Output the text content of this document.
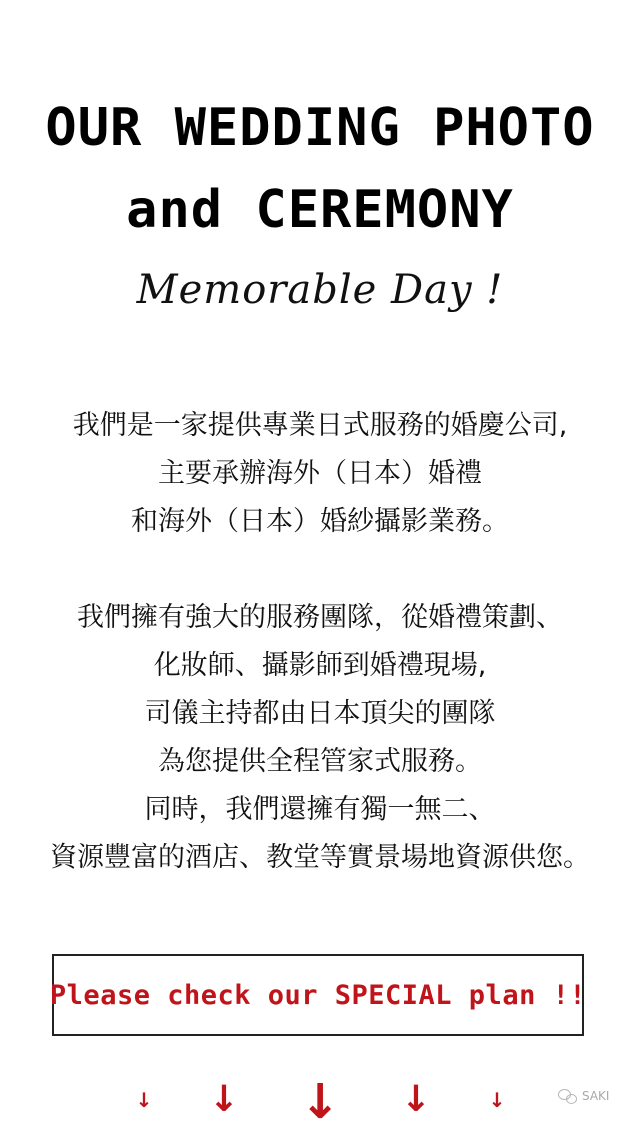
OUR WEDDING PHOTO
and CEREMONY
Memorable Day !
我們是一家提供專業日式服務的婚慶公司,
主要承辦海外（日本）婚禮
和海外（日本）婚紗攝影業務。
我們擁有強大的服務團隊，從婚禮策劃、
化妝師、攝影師到婚禮現場,
司儀主持都由日本頂尖的團隊
為您提供全程管家式服務。
同時，我們還擁有獨一無二、
資源豐富的酒店、教堂等實景場地資源供您。
Please check our SPECIAL plan !!
↓ ↓ ↓ ↓	↓	SAKI
